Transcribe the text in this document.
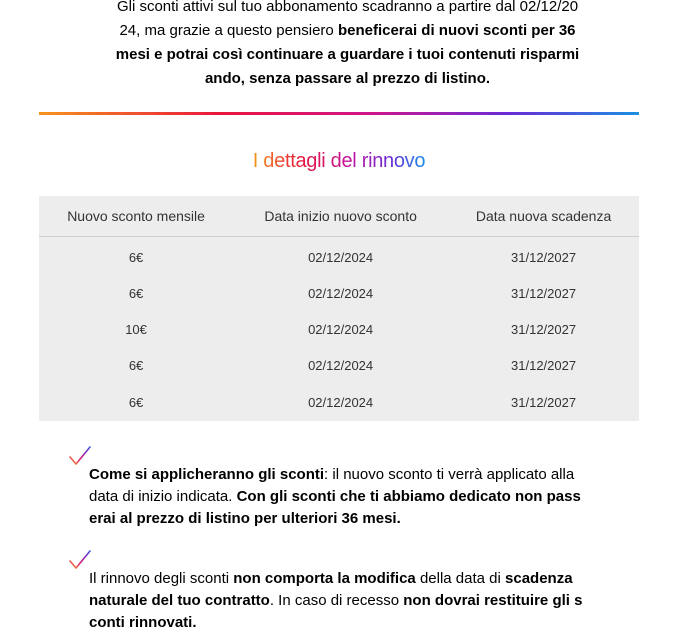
Gli sconti attivi sul tuo abbonamento scadranno a partire dal 02/12/20
24, ma grazie a questo pensiero beneficerai di nuovi sconti per 36
mesi e potrai così continuare a guardare i tuoi contenuti risparmi
ando, senza passare al prezzo di listino.
I dettagli del rinnovo
Nuovo sconto mensile	Data inizio nuovo sconto	Data nuova scadenza
6€	02/12/2024	31/12/2027
6€	02/12/2024	31/12/2027
10€	02/12/2024	31/12/2027
6€	02/12/2024	31/12/2027
6€	02/12/2024	31/12/2027

Come si applicheranno gli sconti: il nuovo sconto ti verrà applicato alla
data di inizio indicata. Con gli sconti che ti abbiamo dedicato non pass
erai al prezzo di listino per ulteriori 36 mesi.

Il rinnovo degli sconti non comporta la modifica della data di scadenza
naturale del tuo contratto. In caso di recesso non dovrai restituire gli s
conti rinnovati.
